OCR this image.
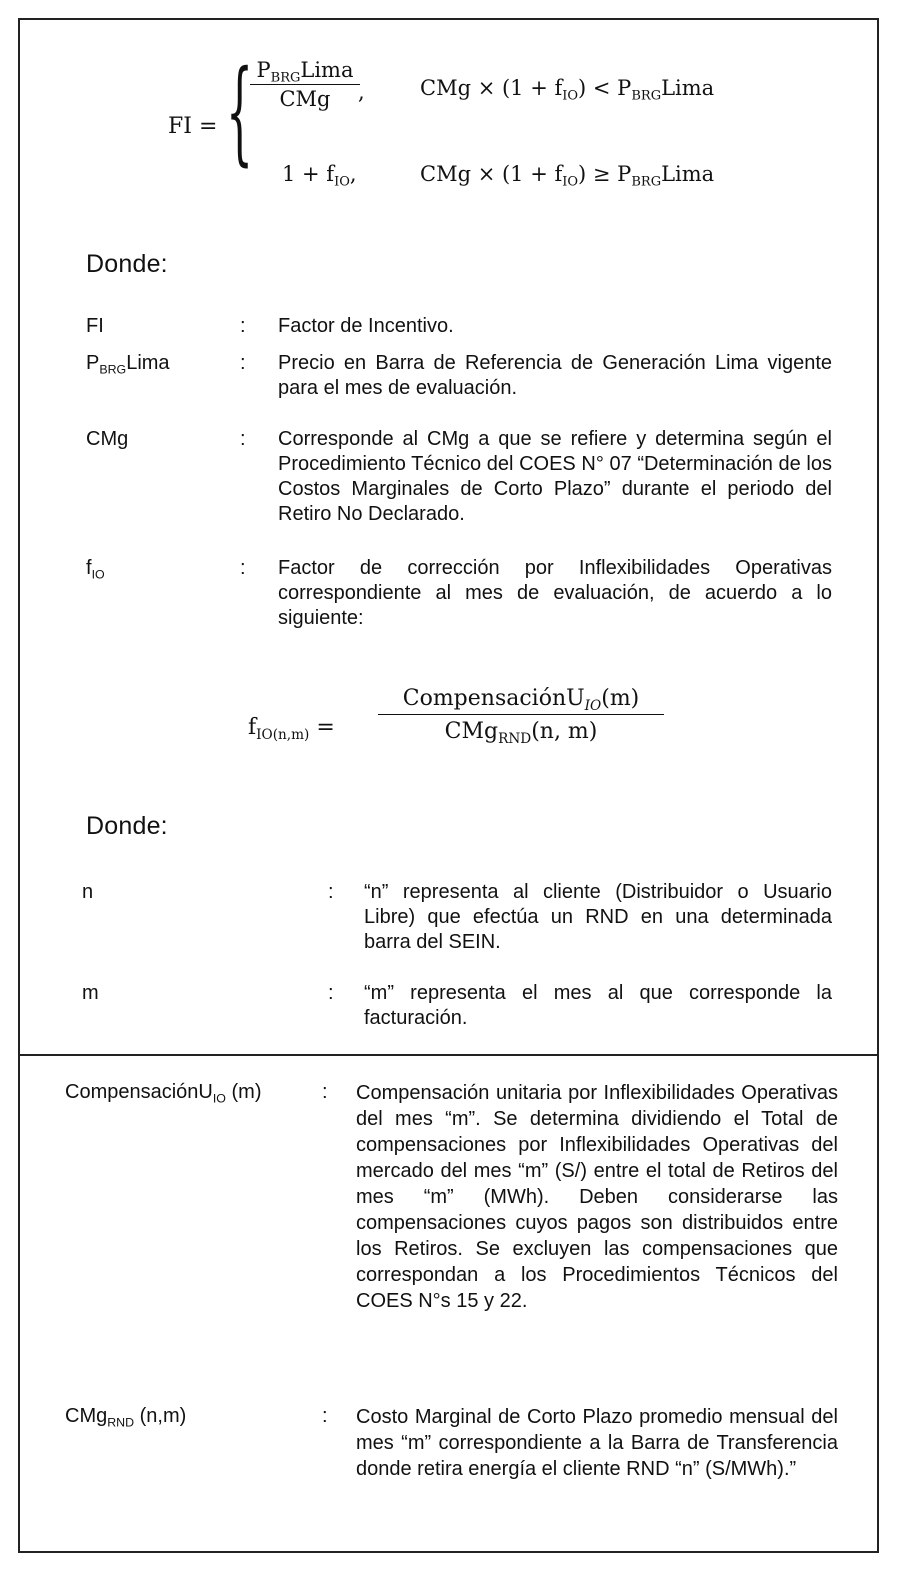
FI = { $P_{BRG}Lima$
CMg	,	CMg × $(1 + f_{IO})$ < $P_{BRG}Lima$
$1 + f_{IO}$,	CMg × $(1 + f_{IO})$ ≥ $P_{BRG}Lima$
Donde:
FI	: Factor de Incentivo.
$P_{BRG}Lima$	: Precio en Barra de Referencia de Generación Lima vigente para el mes de evaluación.
CMg	: Corresponde al CMg a que se refiere y determina según el Procedimiento Técnico del COES N° 07 “Determinación de los Costos Marginales de Corto Plazo” durante el periodo del Retiro No Declarado.
$f_{IO}$	: Factor de corrección por Inflexibilidades Operativas correspondiente al mes de evaluación, de acuerdo a lo siguiente:
$f_{IO(n,m)}$ =
CompensaciónU$_{IO}$(m)
CMg$_{RND}$(n, m)
Donde:
n	: “n” representa al cliente (Distribuidor o Usuario Libre) que efectúa un RND en una determinada barra del SEIN.
m	: “m” representa el mes al que corresponde la facturación.
CompensaciónU$_{IO}$ (m)	: Compensación unitaria por Inflexibilidades Operativas del mes “m”. Se determina dividiendo el Total de compensaciones por Inflexibilidades Operativas del mercado del mes “m” (S/) entre el total de Retiros del mes “m” (MWh). Deben considerarse las compensaciones cuyos pagos son distribuidos entre los Retiros. Se excluyen las compensaciones que correspondan a los Procedimientos Técnicos del COES N°s 15 y 22.
CMg$_{RND}$ (n,m)	: Costo Marginal de Corto Plazo promedio mensual del mes “m” correspondiente a la Barra de Transferencia donde retira energía el cliente RND “n” (S/MWh).”
